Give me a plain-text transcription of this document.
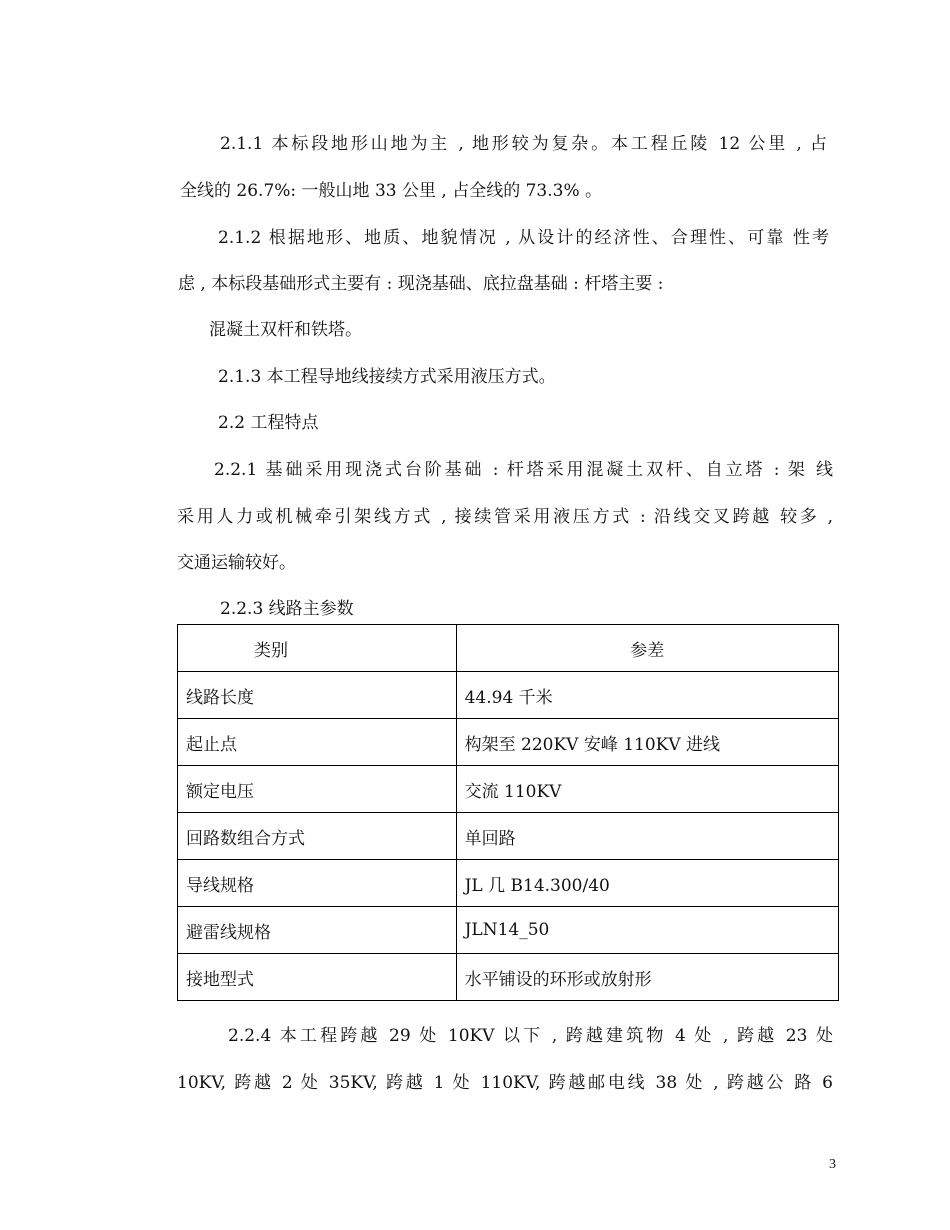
2.1.1 本标段地形山地为主 , 地形较为复杂。本工程丘陵 12 公里 , 占
全线的 26.7%: 一般山地 33 公里 , 占全线的 73.3% 。
2.1.2 根据地形、地质、地貌情况 , 从设计的经济性、合理性、可靠 性考
虑 , 本标段基础形式主要有 : 现浇基础、底拉盘基础 : 杆塔主要 :
混凝土双杆和铁塔。
2.1.3 本工程导地线接续方式采用液压方式。
2.2 工程特点
2.2.1 基础采用现浇式台阶基础 : 杆塔采用混凝土双杆、自立塔 : 架 线
采用人力或机械牵引架线方式 , 接续管采用液压方式 : 沿线交叉跨越 较多 ,
交通运输较好。
2.2.3 线路主参数
类别	参差
线路长度	44.94 千米
起止点	构架至 220KV 安峰 110KV 进线
额定电压	交流 110KV
回路数组合方式	单回路
导线规格	JL 几 B14.300/40
避雷线规格	JLN14_50
接地型式	水平铺设的环形或放射形
2.2.4 本工程跨越 29 处 10KV 以下 , 跨越建筑物 4 处 , 跨越 23 处
10KV, 跨越 2 处 35KV, 跨越 1 处 110KV, 跨越邮电线 38 处 , 跨越公 路 6
3
